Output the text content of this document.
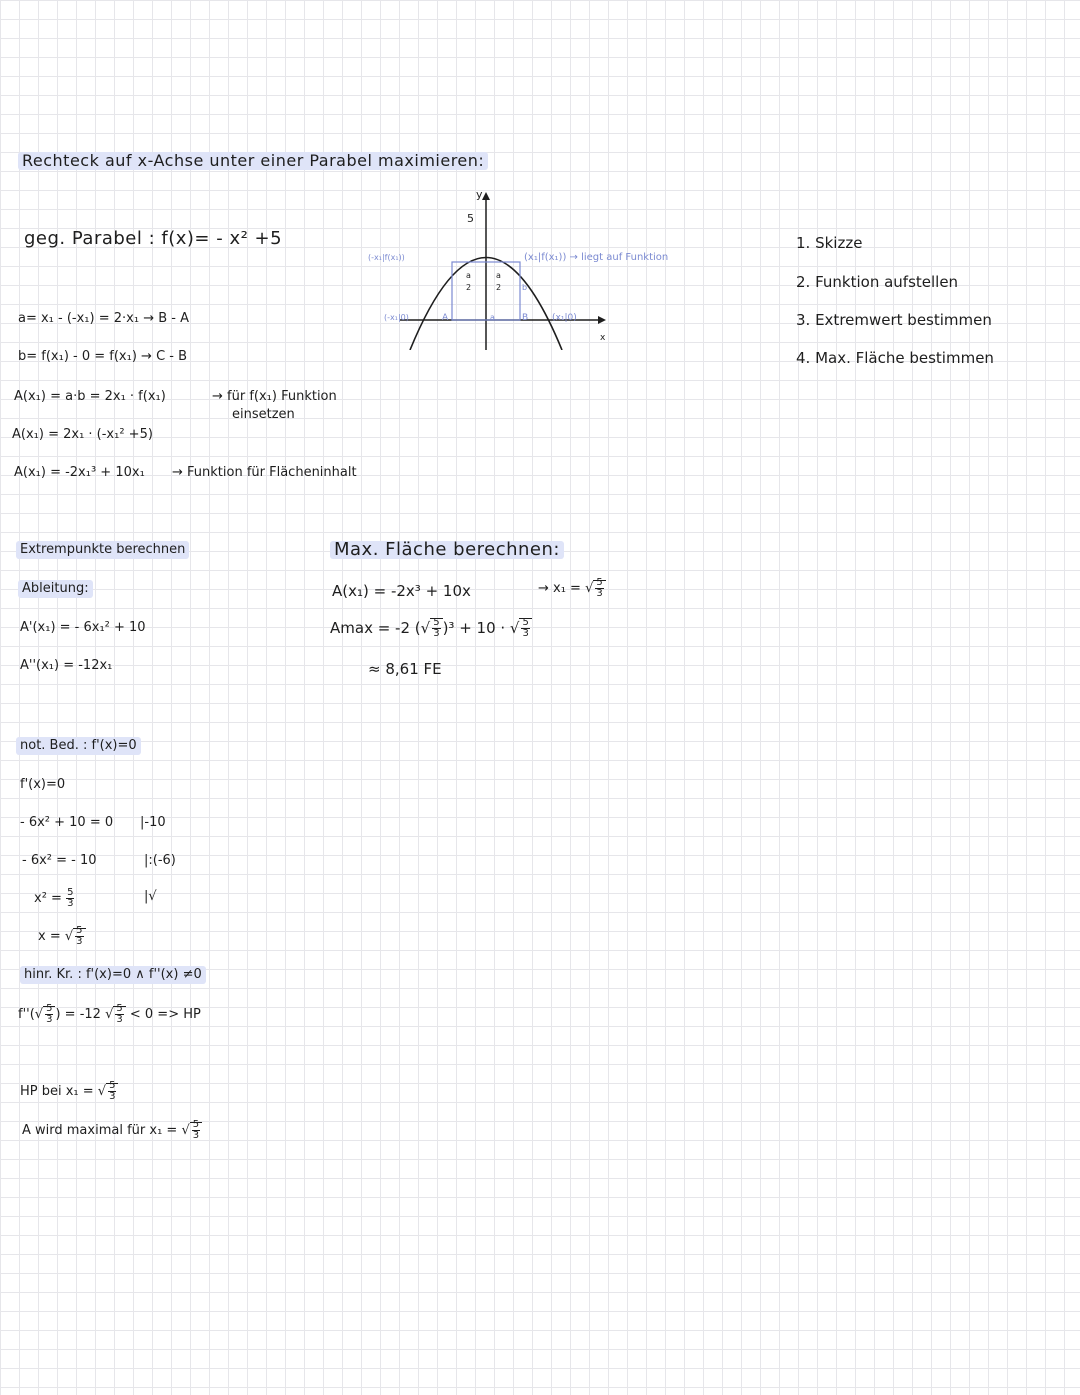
Rechteck auf x-Achse unter einer Parabel maximieren:
geg. Parabel : f(x)= - x² +5	1. Skizze
2. Funktion aufstellen
3. Extremwert bestimmen
4. Max. Fläche bestimmen
a= x₁ - (-x₁) = 2·x₁ → B - A
b= f(x₁) - 0 = f(x₁) → C - B
A(x₁) = a·b = 2x₁ · f(x₁)	→ für f(x₁) Funktion
einsetzen
A(x₁) = 2x₁ · (-x₁² +5)
A(x₁) = -2x₁³ + 10x₁ → Funktion für Flächeninhalt
y
5
x
(-x₁|f(x₁))	(x₁|f(x₁)) → liegt auf Funktion
(-x₁|0)	(x₁|0)
A	B
a
b
a
2
a
2
Extrempunkte berechnen
Ableitung:
A'(x₁) = - 6x₁² + 10
A''(x₁) = -12x₁
not. Bed. : f'(x)=0
f'(x)=0
- 6x² + 10 = 0 |-10
- 6x² = - 10	|:(-6)
$x^2 = \frac{5}{3}$	|√
x = √ $\frac{5}{3}$
hinr. Kr. : f'(x)=0 ∧ f''(x) ≠0
$f''(√ \frac{5}{3}$ ) = -12 √ $\frac{5}{3} < 0$ => HP
HP bei x₁ = √ $\frac{5}{3}$
A wird maximal für x₁ = √ $\frac{5}{3}$
Max. Fläche berechnen:
A(x₁) = -2x³ + 10x	→ x₁ = √ $\frac{5}{3}$
Amax = -2 (√ $\frac{5}{3} )^3 + 10$ · √ $\frac{5}{3}$
≈ 8,61 FE
